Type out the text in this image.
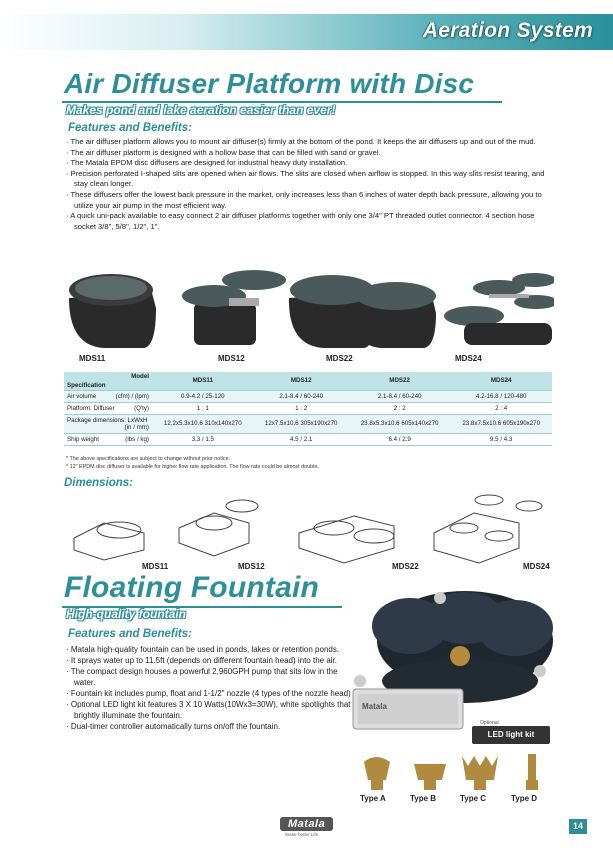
Aeration System
Air Diffuser Platform with Disc
Makes pond and lake aeration easier than ever!
Features and Benefits:
· The air diffuser platform allows you to mount air diffuser(s) firmly at the bottom of the pond. It keeps the air diffusers up and out of the mud.
· The air diffuser platform is designed with a hollow base that can be filled with sand or gravel.
· The Matala EPDM disc diffusers are designed for industrial heavy duty installation.
· Precision perforated I-shaped slits are opened when air flows. The slits are closed when airflow is stopped. In this way slits resist tearing, and stay clean longer.
· These diffusers offer the lowest back pressure in the market, only increases less than 6 inches of water depth back pressure, allowing you to utilize your air pump in the most efficient way.
· A quick uni-pack available to easy connect 2 air diffuser platforms together with only one 3/4" PT threaded outlet connector. 4 section hose socket 3/8", 5/8", 1/2", 1".
MDS11	MDS12	MDS22	MDS24
Model
Specification	MDS11	MDS12	MDS22	MDS24
Air volume (cfm) / (lpm)	0.9-4.2 / 25-120	2.1-8.4 / 60-240	2.1-8.4 / 60-240	4.2-16.8 / 120-480
Platform: Diffuser (Q'ty)	1 : 1	1 : 2	2 : 2	2 : 4
Package dimensions: LxWxH
(in / mm)	12.2x5.3x10.6 310x140x270	12x7.5x10.6 305x190x270	23.8x5.3x10.6 605x140x270	23.8x7.5x10.6 605x190x270
Ship weight (lbs / kg)	3.3 / 1.5	4.5 / 2.1	6.4 / 2.9	9.5 / 4.3
* The above specifications are subject to change without prior notice.
* 12" EPDM disc diffuser is available for higher flow rate application. The flow rate could be almost double.
Dimensions:
MDS11	MDS12	MDS22	MDS24
Floating Fountain
High-quality fountain
Features and Benefits:
· Matala high-quality fountain can be used in ponds, lakes or retention ponds.
· It sprays water up to 11.5ft (depends on different fountain head) into the air.
· The compact design houses a powerful 2,960GPH pump that sits low in the water.
· Fountain kit includes pump, float and 1-1/2" nozzle (4 types of the nozzle head)
· Optional LED light kit features 3 X 10 Watts(10Wx3=30W), white spotlights that brightly illuminate the fountain.
· Dual-timer controller automatically turns on/off the fountain.
Matala
Optional
LED light kit
Type A	Type B	Type C	Type D
Matala
Water better Life
14
